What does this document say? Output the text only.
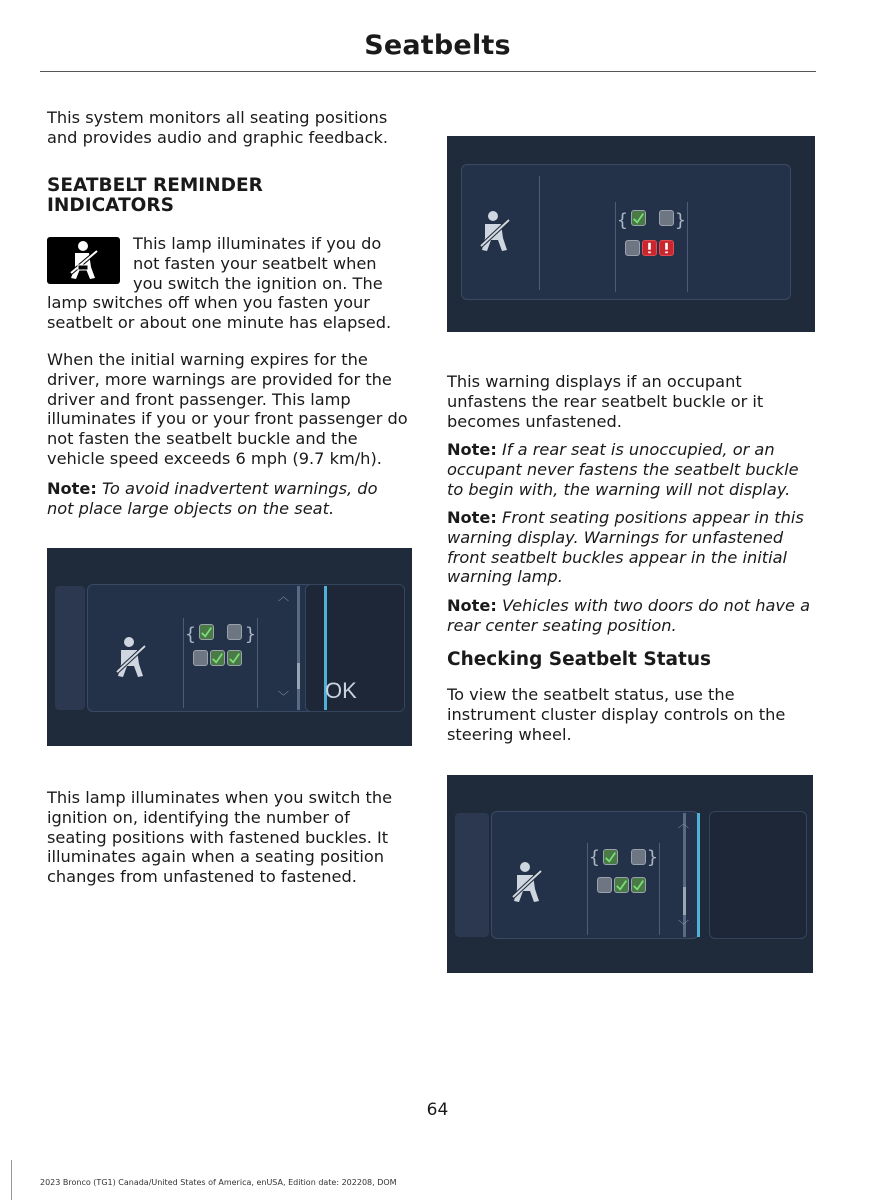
Seatbelts
This system monitors all seating positions and provides audio and graphic feedback.
SEATBELT REMINDER INDICATORS
This lamp illuminates if you do
not fasten your seatbelt when
you switch the ignition on. The
lamp switches off when you fasten your
seatbelt or about one minute has elapsed.
When the initial warning expires for the driver, more warnings are provided for the driver and front passenger. This lamp illuminates if you or your front passenger do not fasten the seatbelt buckle and the vehicle speed exceeds 6 mph (9.7 km/h).
Note: To avoid inadvertent warnings, do not place large objects on the seat.
︿
﹀
{	}
OK
This lamp illuminates when you switch the ignition on, identifying the number of seating positions with fastened buckles. It illuminates again when a seating position changes from unfastened to fastened.
{	}
This warning displays if an occupant unfastens the rear seatbelt buckle or it becomes unfastened.
Note: If a rear seat is unoccupied, or an occupant never fastens the seatbelt buckle to begin with, the warning will not display.
Note: Front seating positions appear in this warning display. Warnings for unfastened front seatbelt buckles appear in the initial warning lamp.
Note: Vehicles with two doors do not have a rear center seating position.
Checking Seatbelt Status
To view the seatbelt status, use the instrument cluster display controls on the steering wheel.
︿
﹀
{	}
64
2023 Bronco (TG1) Canada/United States of America, enUSA, Edition date: 202208, DOM
